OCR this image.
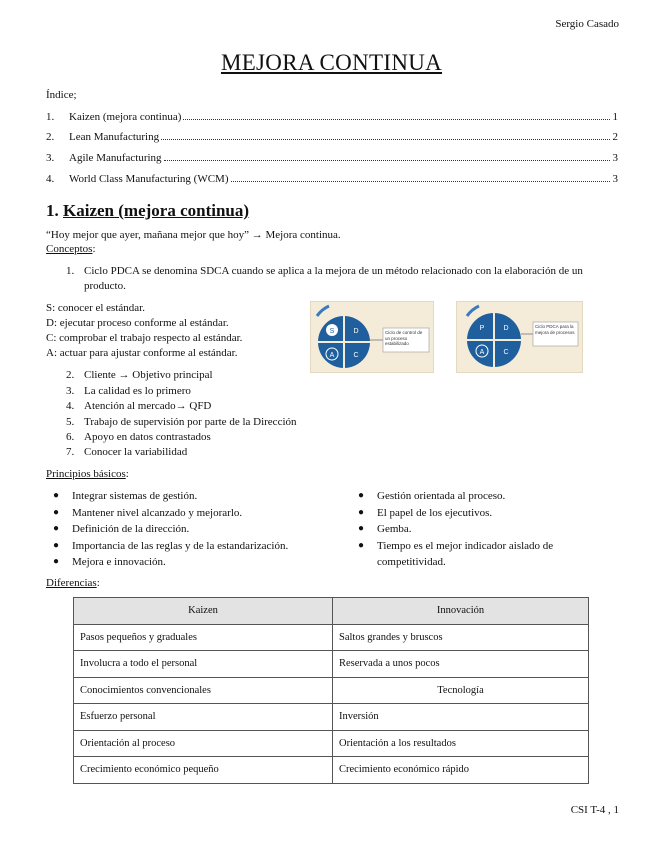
Sergio Casado
MEJORA CONTINUA
Índice;
1.	Kaizen (mejora continua)	1
2.	Lean Manufacturing	2
3.	Agile Manufacturing	3
4.	World Class Manufacturing (WCM)	3
1. Kaizen (mejora continua)
“Hoy mejor que ayer, mañana mejor que hoy” → Mejora continua.
Conceptos:
1. Ciclo PDCA se denomina SDCA cuando se aplica a la mejora de un método relacionado con la elaboración de un
producto.
S: conocer el estándar.
D: ejecutar proceso conforme al estándar.
C: comprobar el trabajo respecto al estándar.
A: actuar para ajustar conforme al estándar.
S	D
A	C
Ciclo de control de un proceso estabilizado
P	D
A	C
Ciclo PDCA para la mejora de procesos
2. Cliente → Objetivo principal
3. La calidad es lo primero
4. Atención al mercado→ QFD
5. Trabajo de supervisión por parte de la Dirección
6. Apoyo en datos contrastados
7. Conocer la variabilidad
Principios básicos:
●	Integrar sistemas de gestión.
●	Mantener nivel alcanzado y mejorarlo.
●	Definición de la dirección.
●	Importancia de las reglas y de la estandarización.
●	Mejora e innovación.
●	Gestión orientada al proceso.
●	El papel de los ejecutivos.
●	Gemba.
●	Tiempo es el mejor indicador aislado de
competitividad.
Diferencias:
Kaizen	Innovación
Pasos pequeños y graduales	Saltos grandes y bruscos
Involucra a todo el personal	Reservada a unos pocos
Conocimientos convencionales	Tecnología
Esfuerzo personal	Inversión
Orientación al proceso	Orientación a los resultados
Crecimiento económico pequeño	Crecimiento económico rápido
CSI T-4 , 1
